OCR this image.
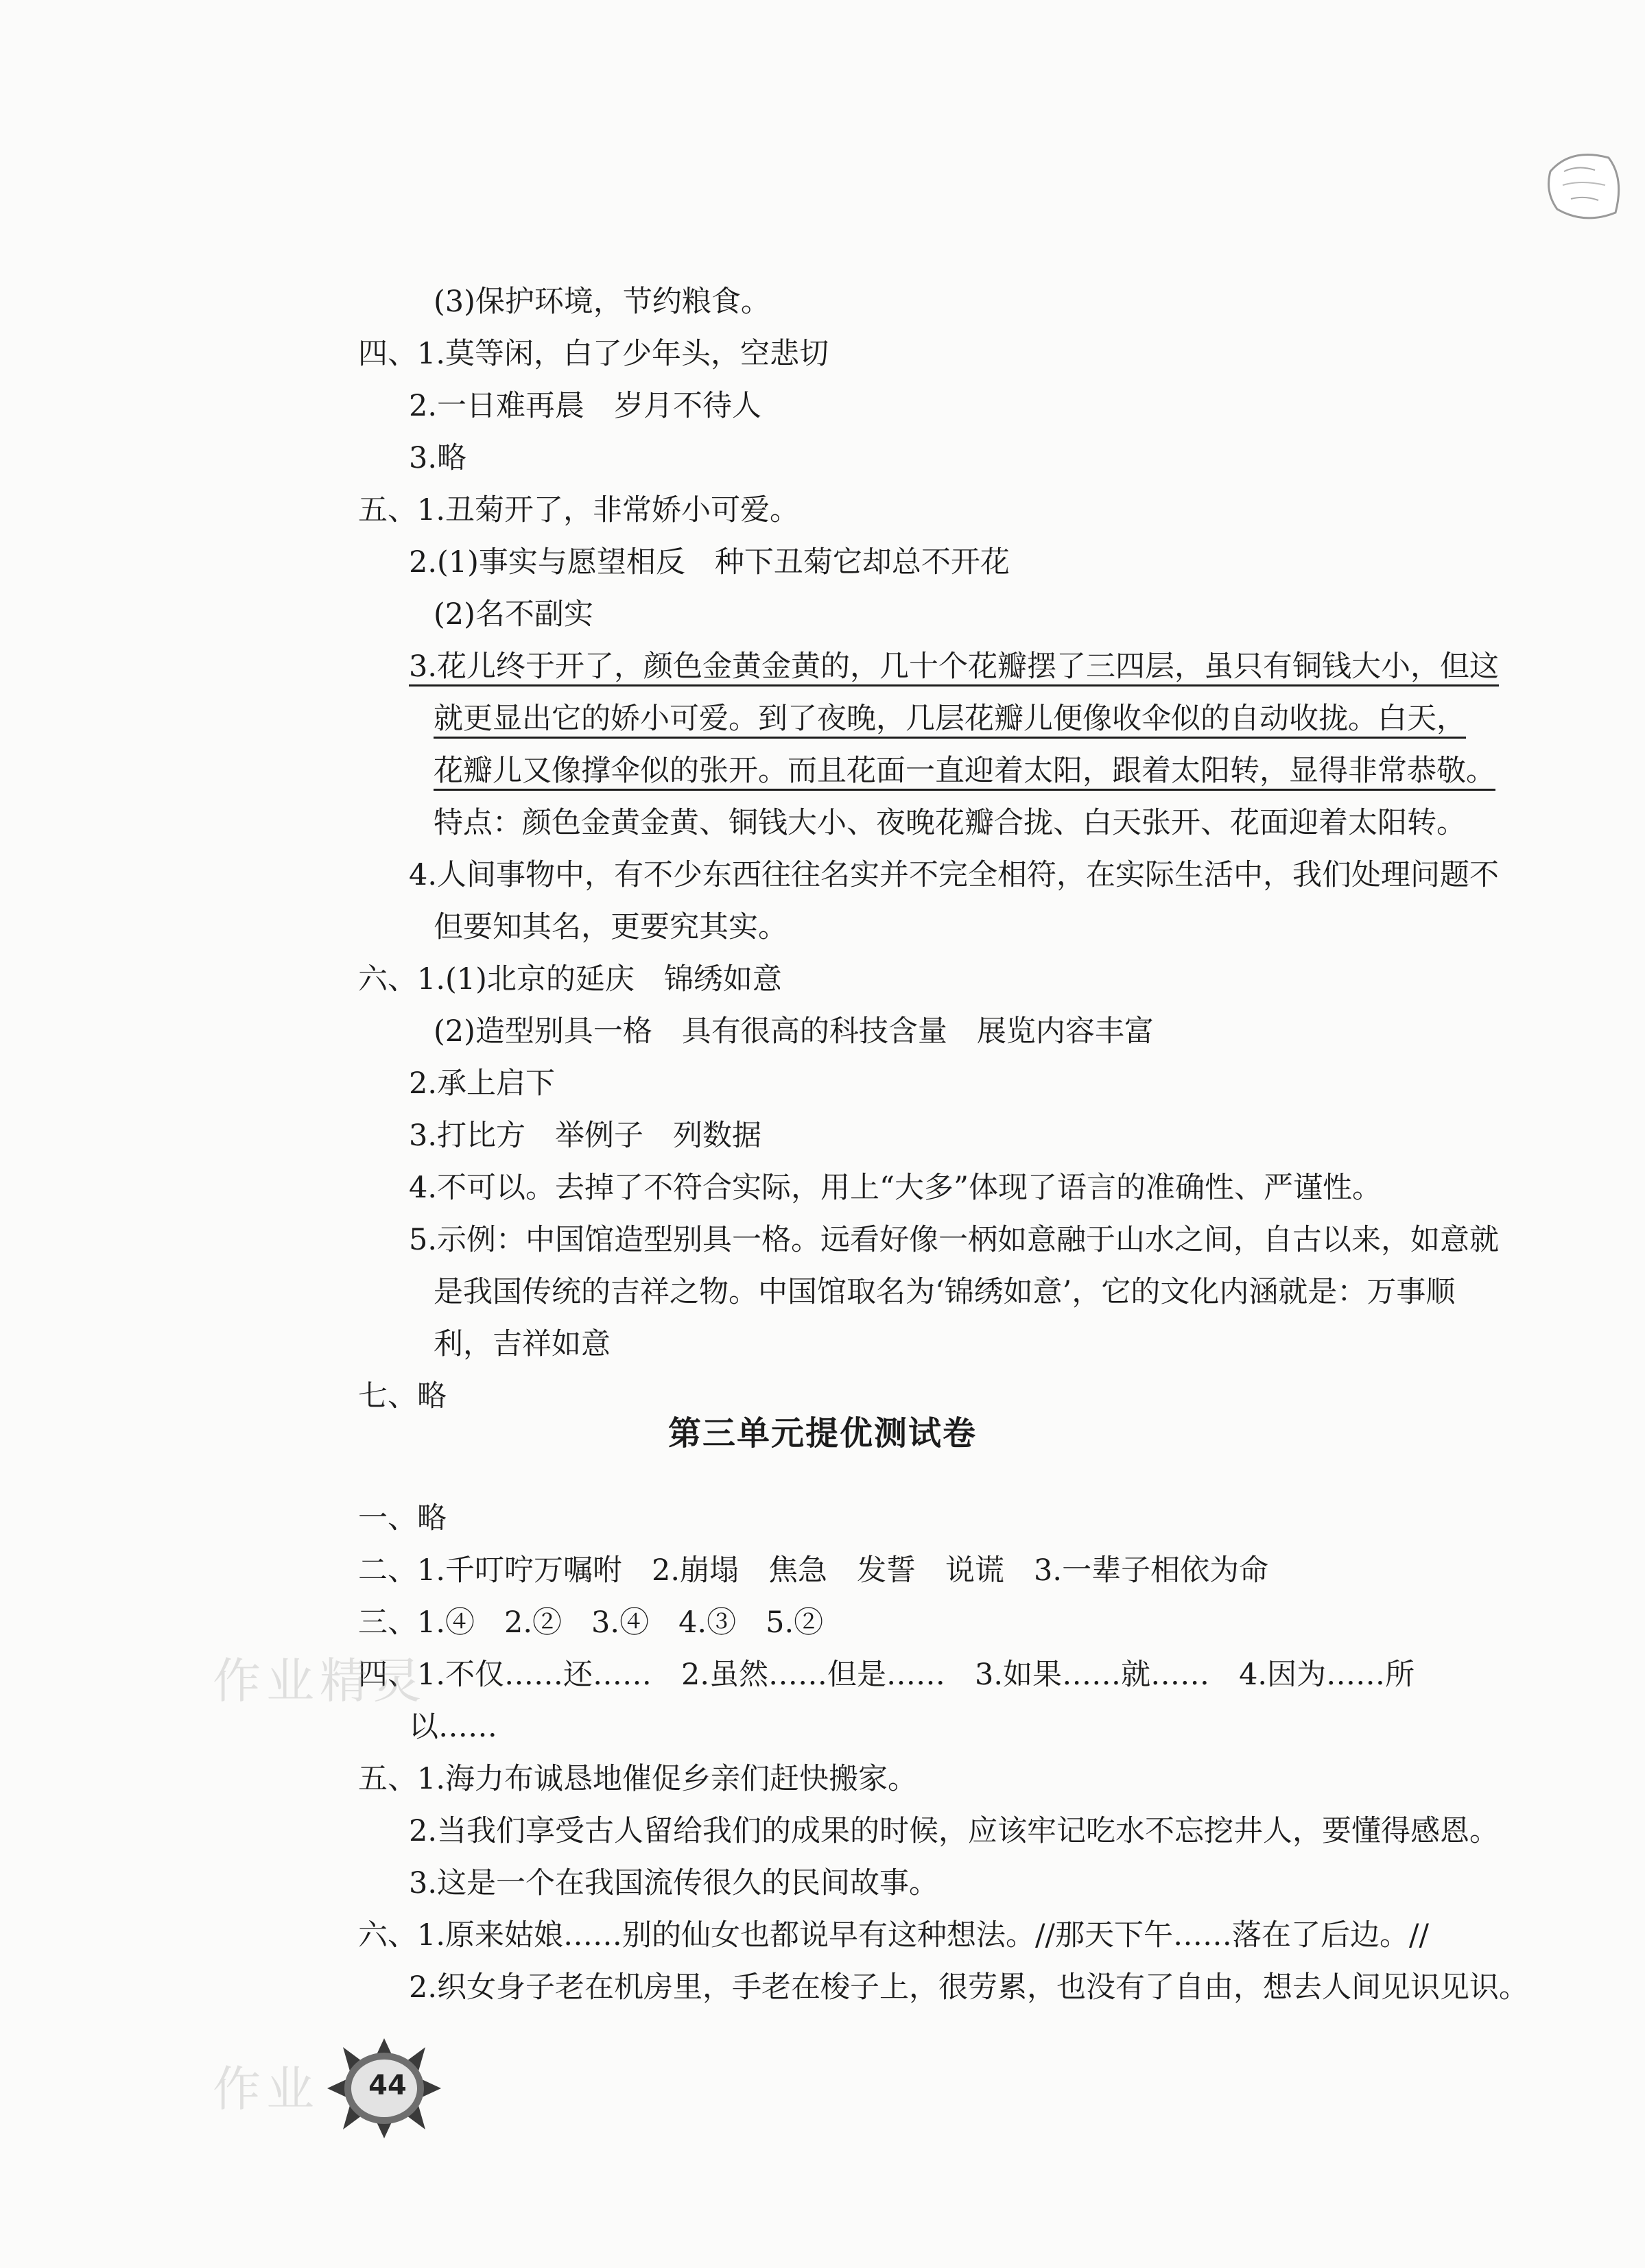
(3)保护环境，节约粮食。
四、1.莫等闲，白了少年头，空悲切
2.一日难再晨　岁月不待人
3.略
五、1.丑菊开了，非常娇小可爱。
2.(1)事实与愿望相反　种下丑菊它却总不开花
(2)名不副实
3.花儿终于开了，颜色金黄金黄的，几十个花瓣摆了三四层，虽只有铜钱大小，但这
就更显出它的娇小可爱。到了夜晚，几层花瓣儿便像收伞似的自动收拢。白天，
花瓣儿又像撑伞似的张开。而且花面一直迎着太阳，跟着太阳转，显得非常恭敬。
特点：颜色金黄金黄、铜钱大小、夜晚花瓣合拢、白天张开、花面迎着太阳转。
4.人间事物中，有不少东西往往名实并不完全相符，在实际生活中，我们处理问题不
但要知其名，更要究其实。
六、1.(1)北京的延庆　锦绣如意
(2)造型别具一格　具有很高的科技含量　展览内容丰富
2.承上启下
3.打比方　举例子　列数据
4.不可以。去掉了不符合实际，用上“大多”体现了语言的准确性、严谨性。
5.示例：中国馆造型别具一格。远看好像一柄如意融于山水之间，自古以来，如意就
是我国传统的吉祥之物。中国馆取名为‘锦绣如意’，它的文化内涵就是：万事顺
利，吉祥如意
七、略
第三单元提优测试卷
一、略
二、1.千叮咛万嘱咐　2.崩塌　焦急　发誓　说谎　3.一辈子相依为命
三、1.④　2.②　3.④　4.③　5.②
四、1.不仅……还……　2.虽然……但是……　3.如果……就……　4.因为……所
以……
五、1.海力布诚恳地催促乡亲们赶快搬家。
2.当我们享受古人留给我们的成果的时候，应该牢记吃水不忘挖井人，要懂得感恩。
3.这是一个在我国流传很久的民间故事。
六、1.原来姑娘……别的仙女也都说早有这种想法。//那天下午……落在了后边。//
2.织女身子老在机房里，手老在梭子上，很劳累，也没有了自由，想去人间见识见识。
作业精灵
作业	44
